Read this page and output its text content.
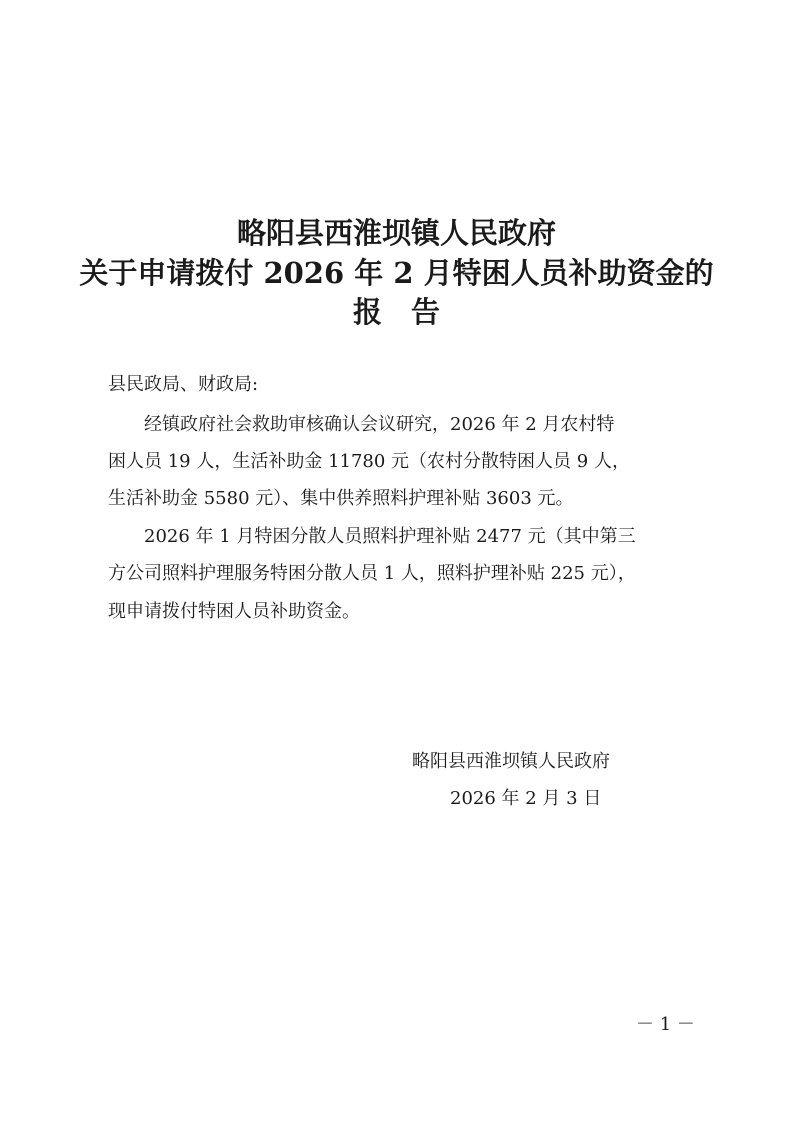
略阳县西淮坝镇人民政府
关于申请拨付 2026 年 2 月特困人员补助资金的
报　告
县民政局、财政局:
　　经镇政府社会救助审核确认会议研究，2026 年 2 月农村特
困人员 19 人，生活补助金 11780 元（农村分散特困人员 9 人，
生活补助金 5580 元）、集中供养照料护理补贴 3603 元。
　　2026 年 1 月特困分散人员照料护理补贴 2477 元（其中第三
方公司照料护理服务特困分散人员 1 人，照料护理补贴 225 元），
现申请拨付特困人员补助资金。
略阳县西淮坝镇人民政府
2026 年 2 月 3 日
－ 1 －
